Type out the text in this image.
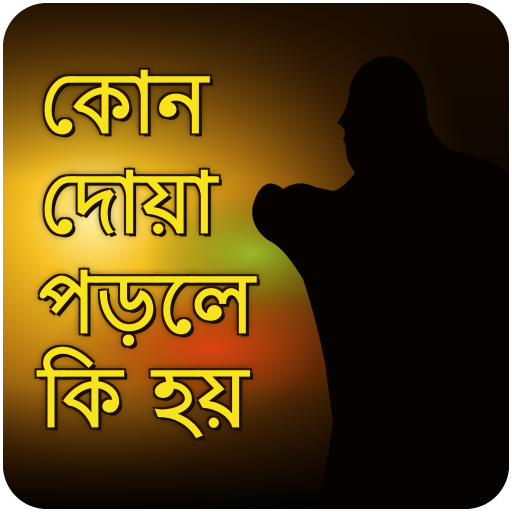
কোন
দোয়া
পড়লে
কি হয়
